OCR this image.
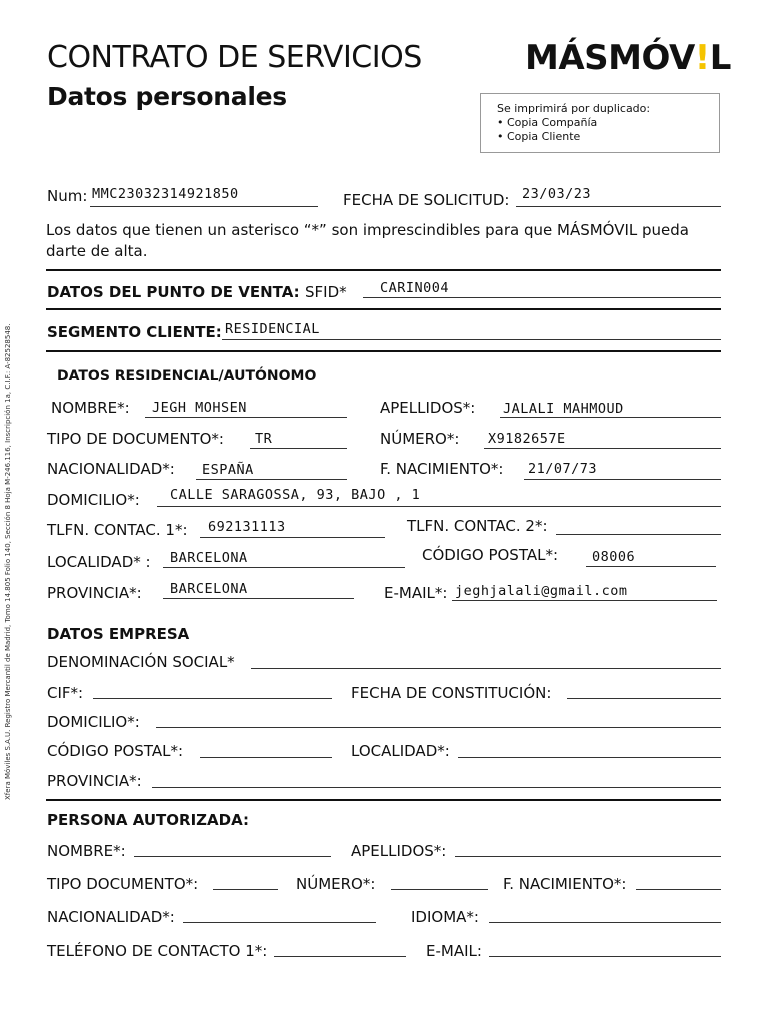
CONTRATO DE SERVICIOS
Datos personales
MÁSMÓV!L
Se imprimirá por duplicado:
• Copia Compañía
• Copia Cliente
Num: MMC23032314921850	FECHA DE SOLICITUD: 23/03/23
Los datos que tienen un asterisco “*” son imprescindibles para que MÁSMÓVIL pueda darte de alta.
DATOS DEL PUNTO DE VENTA: SFID* CARIN004
SEGMENTO CLIENTE: RESIDENCIAL
DATOS RESIDENCIAL/AUTÓNOMO
NOMBRE*: JEGH MOHSEN	APELLIDOS*: JALALI MAHMOUD
TIPO DE DOCUMENTO*: TR	NÚMERO*: X9182657E
NACIONALIDAD*: ESPAÑA	F. NACIMIENTO*: 21/07/73
DOMICILIO*: CALLE SARAGOSSA, 93, BAJO , 1
TLFN. CONTAC. 1*: 692131113	TLFN. CONTAC. 2*:
LOCALIDAD* : BARCELONA	CÓDIGO POSTAL*:	08006
PROVINCIA*: BARCELONA	E-MAIL*: jeghjalali@gmail.com
DATOS EMPRESA
DENOMINACIÓN SOCIAL*
CIF*:	FECHA DE CONSTITUCIÓN:
DOMICILIO*:
CÓDIGO POSTAL*:	LOCALIDAD*:
PROVINCIA*:
PERSONA AUTORIZADA:
NOMBRE*:	APELLIDOS*:
TIPO DOCUMENTO*:	NÚMERO*:	F. NACIMIENTO*:
NACIONALIDAD*:	IDIOMA*:
TELÉFONO DE CONTACTO 1*:	E-MAIL:
Xfera Móviles S.A.U. Registro Mercantil de Madrid, Tomo 14.805 Folio 140, Sección 8 Hoja M-246.116, Inscripción 1a, C.I.F.: A-82528548.
